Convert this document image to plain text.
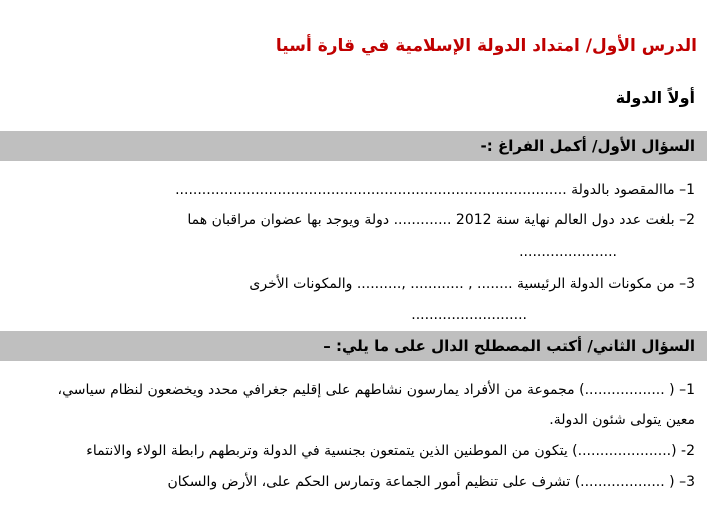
الدرس الأول/ امتداد الدولة الإسلامية في قارة أسيا
أولاً الدولة
السؤال الأول/ أكمل الفراغ :-
1– ماالمقصود بالدولة ........................................................................................
2– بلغت عدد دول العالم نهاية سنة 2012 ............. دولة ويوجد بها عضوان مراقبان هما
......................
3– من مكونات الدولة الرئيسية ........ , ............ ,.......... والمكونات الأخرى
..........................
السؤال الثاني/ أكتب المصطلح الدال على ما يلي: –
1– ( ..................) مجموعة من الأفراد يمارسون نشاطهم على إقليم جغرافي محدد ويخضعون لنظام سياسي،
معين يتولى شئون الدولة.
2- (.....................) يتكون من الموطنين الذين يتمتعون بجنسية في الدولة وتربطهم رابطة الولاء والانتماء
3– ( ...................) تشرف على تنظيم أمور الجماعة وتمارس الحكم على، الأرض والسكان
